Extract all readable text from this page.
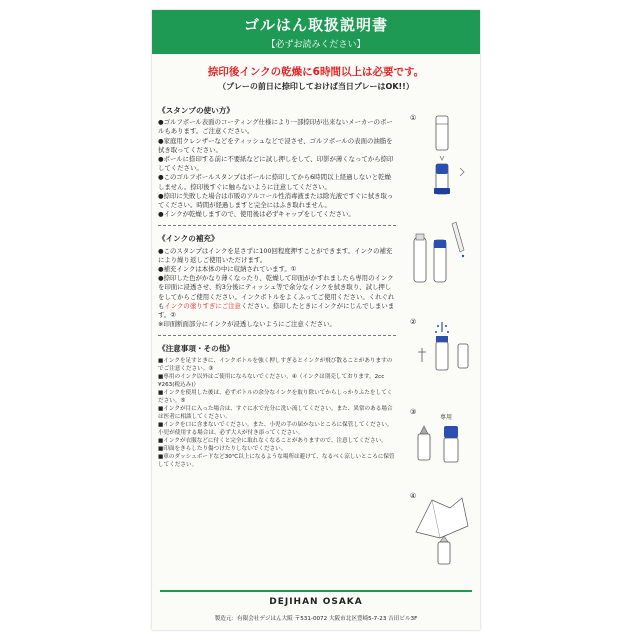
ゴルはん取扱説明書
【必ずお読みください】
捺印後インクの乾燥に6時間以上は必要です。
（プレーの前日に捺印しておけば当日プレーはOK!!）
《スタンプの使い方》

●ゴルフボール表面のコーティング仕様により一部捺印が出来ないメーカーのボールもあります。ご注意ください。

●家庭用クレンザーなどをティッシュなどで浸させ、ゴルフボールの表面の油脂を拭き取ってください。

●ボールに捺印する前に不要紙などに試し押しをして、印影が薄くなってから捺印してください。

●このゴルフボールスタンプはボールに捺印してから6時間以上経過しないと乾燥しません。捺印後すぐに触らないように注意してください。

●捺印に失敗した場合は市販のアルコール性消毒液または除光液ですぐに拭き取ってください。時間が経過しますと完全にはふき取れません。

●インクが乾燥しますので、使用後は必ずキャップをしてください。

《インクの補充》

●このスタンプはインクを足さずに100回程度押すことができます。インクの補充により繰り返しご使用いただけます。

●補充インクは本体の中に収納されています。①

●捺印した色がかなり薄くなったり、乾燥して印面がかすれましたら専用のインクを印面に浸透させ、約3分後にティッシュ等で余分なインクを拭き取り、試し押しをしてからご使用ください。インクボトルをよくふってご使用ください。くれぐれもインクの塗りすぎにご注意ください。捺印したときにインクがにじんでしまいます。②

※印面断面部分にインクが浸透しないようにご注意ください。

《注意事項・その他》

■インクを足すときに、インクボトルを強く押しすぎるとインクが飛び散ることがありますのでご注意ください。③

■専用のインク以外はご使用にならないでください。④（インクは別売しております。2cc ¥263(税込み)）

■インクを使用した後は、必ずボトルの余分なインクを取り除いてからしっかりふたをしてください。⑤

■インクが目に入った場合は、すぐに水で充分に洗い流してください。また、異常のある場合は医者に相談してください。

■インクを口に含まないでください。また、小児の手の届かないところに保管してください。小児が使用する場合は、必ず大人が付き添ってください。

■インクが衣服などに付くと完全に取れなくなることがありますので、注意してください。

■印面をきらしたり傷つけたりしないでください。

■車のダッシュボードなど30℃以上になるような場所は避けて、なるべく涼しいところに保管してください。

①
②
③
専用
④
DEJIHAN OSAKA
製造元：有限会社デジはん大阪 〒531-0072 大阪市北区豊崎5-7-23 吉田ビル3F
